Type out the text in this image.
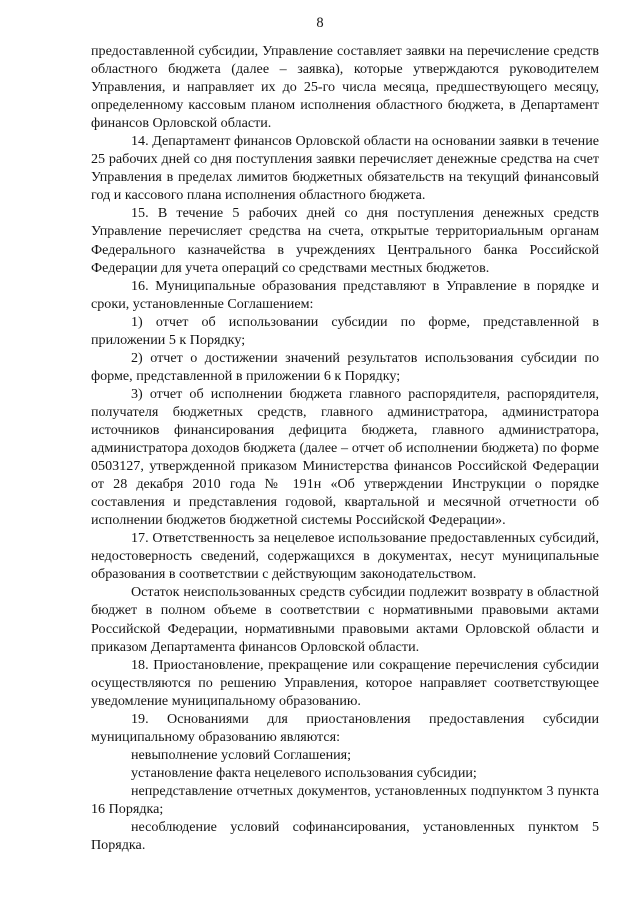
8

предоставленной субсидии, Управление составляет заявки на перечисление средств областного бюджета (далее – заявка), которые утверждаются руководителем Управления, и направляет их до 25-го числа месяца, предшествующего месяцу, определенному кассовым планом исполнения областного бюджета, в Департамент финансов Орловской области.

14. Департамент финансов Орловской области на основании заявки в течение 25 рабочих дней со дня поступления заявки перечисляет денежные средства на счет Управления в пределах лимитов бюджетных обязательств на текущий финансовый год и кассового плана исполнения областного бюджета.

15. В течение 5 рабочих дней со дня поступления денежных средств Управление перечисляет средства на счета, открытые территориальным органам Федерального казначейства в учреждениях Центрального банка Российской Федерации для учета операций со средствами местных бюджетов.

16. Муниципальные образования представляют в Управление в порядке и сроки, установленные Соглашением:

1) отчет об использовании субсидии по форме, представленной в приложении 5 к Порядку;

2) отчет о достижении значений результатов использования субсидии по форме, представленной в приложении 6 к Порядку;

3) отчет об исполнении бюджета главного распорядителя, распорядителя, получателя бюджетных средств, главного администратора, администратора источников финансирования дефицита бюджета, главного администратора, администратора доходов бюджета (далее – отчет об исполнении бюджета) по форме 0503127, утвержденной приказом Министерства финансов Российской Федерации от 28 декабря 2010 года № 191н «Об утверждении Инструкции о порядке составления и представления годовой, квартальной и месячной отчетности об исполнении бюджетов бюджетной системы Российской Федерации».

17. Ответственность за нецелевое использование предоставленных субсидий, недостоверность сведений, содержащихся в документах, несут муниципальные образования в соответствии с действующим законодательством.

Остаток неиспользованных средств субсидии подлежит возврату в областной бюджет в полном объеме в соответствии с нормативными правовыми актами Российской Федерации, нормативными правовыми актами Орловской области и приказом Департамента финансов Орловской области.

18. Приостановление, прекращение или сокращение перечисления субсидии осуществляются по решению Управления, которое направляет соответствующее уведомление муниципальному образованию.

19. Основаниями для приостановления предоставления субсидии муниципальному образованию являются:

невыполнение условий Соглашения;

установление факта нецелевого использования субсидии;

непредставление отчетных документов, установленных подпунктом 3 пункта 16 Порядка;

несоблюдение условий софинансирования, установленных пунктом 5 Порядка.
